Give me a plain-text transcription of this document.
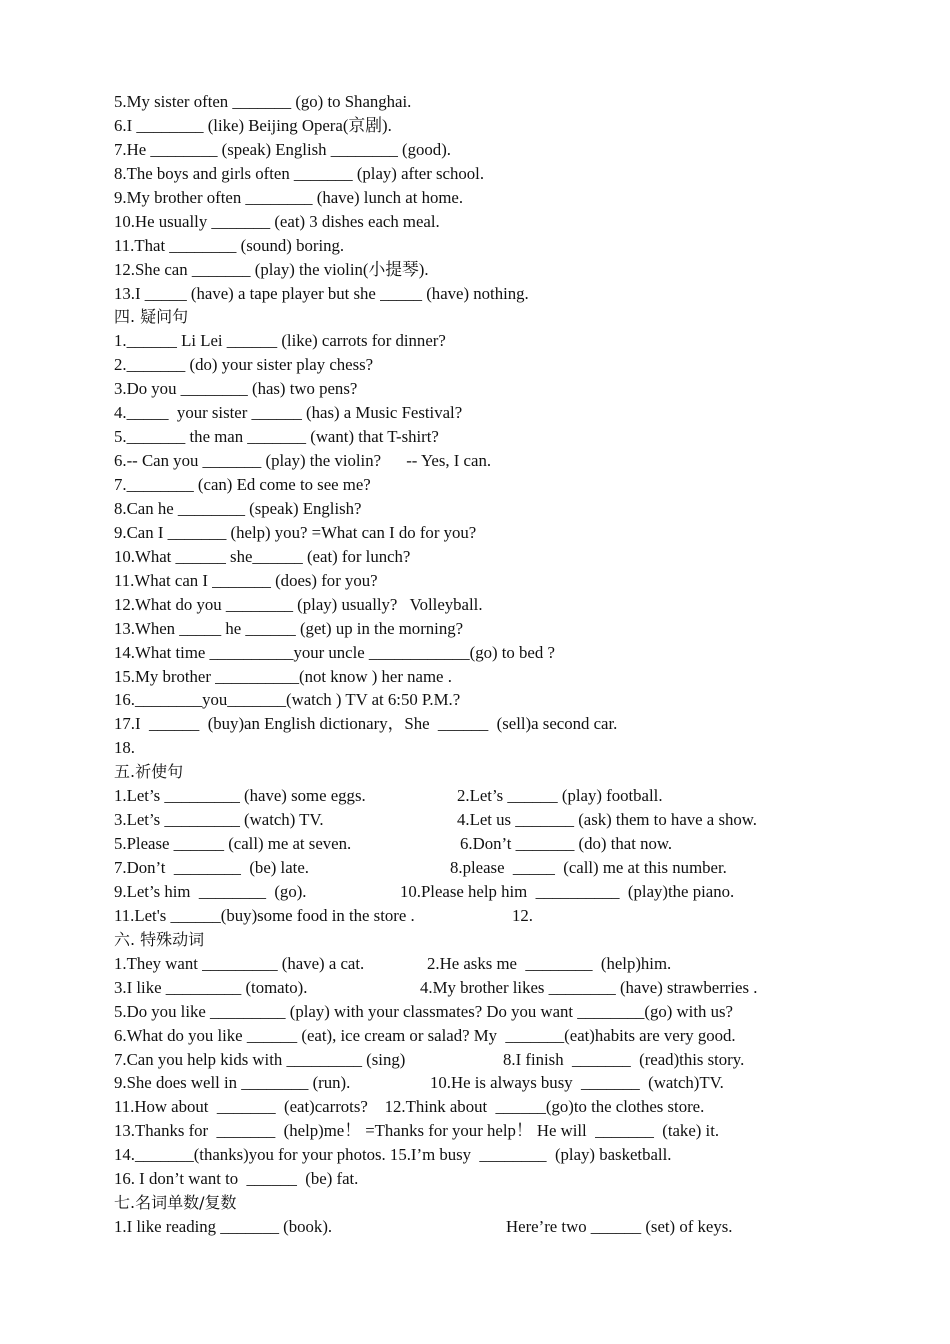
5.My sister often _______ (go) to Shanghai.
6.I ________ (like) Beijing Opera(京剧).
7.He ________ (speak) English ________ (good).
8.The boys and girls often _______ (play) after school.
9.My brother often ________ (have) lunch at home.
10.He usually _______ (eat) 3 dishes each meal.
11.That ________ (sound) boring.
12.She can _______ (play) the violin(小提琴).
13.I _____ (have) a tape player but she _____ (have) nothing.
四. 疑问句
1.______ Li Lei ______ (like) carrots for dinner?
2._______ (do) your sister play chess?
3.Do you ________ (has) two pens?
4._____  your sister ______ (has) a Music Festival?
5._______ the man _______ (want) that T-shirt?
6.-- Can you _______ (play) the violin?      -- Yes, I can.
7.________ (can) Ed come to see me?
8.Can he ________ (speak) English?
9.Can I _______ (help) you? =What can I do for you?
10.What ______ she______ (eat) for lunch?
11.What can I _______ (does) for you?
12.What do you ________ (play) usually?   Volleyball.
13.When _____ he ______ (get) up in the morning?
14.What time __________your uncle ____________(go) to bed ?
15.My brother __________(not know ) her name .
16.________you_______(watch ) TV at 6:50 P.M.?
17.I  ______  (buy)an English dictionary，She  ______  (sell)a second car.
18.
五.祈使句

1.Let’s _________ (have) some eggs.

	2.Let’s ______ (play) football.

3.Let’s _________ (watch) TV.

	4.Let us _______ (ask) them to have a show.

5.Please ______ (call) me at seven.

	6.Don’t _______ (do) that now.

7.Don’t  ________  (be) late.

	8.please  _____  (call) me at this number.

9.Let’s him  ________  (go).

	10.Please help him  __________  (play)the piano.

11.Let's ______(buy)some food in the store .

	12.

六. 特殊动词

1.They want _________ (have) a cat.

	2.He asks me  ________  (help)him.

3.I like _________ (tomato).

	4.My brother likes ________ (have) strawberries .

5.Do you like _________ (play) with your classmates? Do you want ________(go) with us?

6.What do you like ______ (eat), ice cream or salad? My  _______(eat)habits are very good.

7.Can you help kids with _________ (sing)

	8.I finish  _______  (read)this story.

9.She does well in ________ (run).

	10.He is always busy  _______  (watch)TV.

11.How about  _______  (eat)carrots?    12.Think about  ______(go)to the clothes store.

13.Thanks for  _______  (help)me！ =Thanks for your help！ He will  _______  (take) it.

14._______(thanks)you for your photos. 15.I’m busy  ________  (play) basketball.

16. I don’t want to  ______  (be) fat.

七.名词单数/复数

1.I like reading _______ (book).

	Here’re two ______ (set) of keys.
